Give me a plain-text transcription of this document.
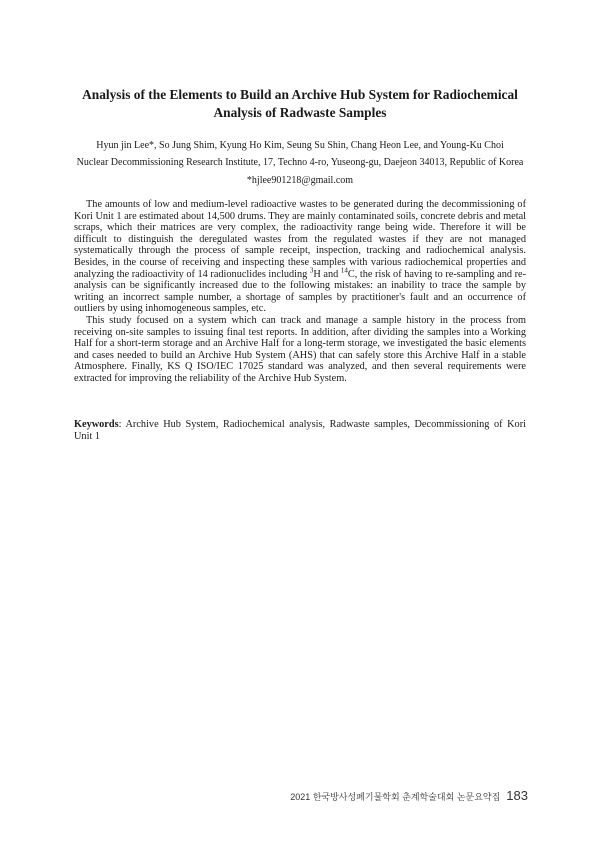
Analysis of the Elements to Build an Archive Hub System for Radiochemical Analysis of Radwaste Samples
Hyun jin Lee*, So Jung Shim, Kyung Ho Kim, Seung Su Shin, Chang Heon Lee, and Young-Ku Choi
Nuclear Decommissioning Research Institute, 17, Techno 4-ro, Yuseong-gu, Daejeon 34013, Republic of Korea
*hjlee901218@gmail.com

The amounts of low and medium-level radioactive wastes to be generated during the decommissioning of Kori Unit 1 are estimated about 14,500 drums. They are mainly contaminated soils, concrete debris and metal scraps, which their matrices are very complex, the radioactivity range being wide. Therefore it will be difficult to distinguish the deregulated wastes from the regulated wastes if they are not managed systematically through the process of sample receipt, inspection, tracking and radiochemical analysis. Besides, in the course of receiving and inspecting these samples with various radiochemical properties and analyzing the radioactivity of 14 radionuclides including $^3$H and $^{14}$C, the risk of having to re-sampling and re-analysis can be significantly increased due to the following mistakes: an inability to trace the sample by writing an incorrect sample number, a shortage of samples by practitioner's fault and an occurrence of outliers by using inhomogeneous samples, etc.

This study focused on a system which can track and manage a sample history in the process from receiving on-site samples to issuing final test reports. In addition, after dividing the samples into a Working Half for a short-term storage and an Archive Half for a long-term storage, we investigated the basic elements and cases needed to build an Archive Hub System (AHS) that can safely store this Archive Half in a stable Atmosphere. Finally, KS Q ISO/IEC 17025 standard was analyzed, and then several requirements were extracted for improving the reliability of the Archive Hub System.

Keywords: Archive Hub System, Radiochemical analysis, Radwaste samples, Decommissioning of Kori Unit 1
2021 한국방사성폐기물학회 춘계학술대회 논문요약집 183
